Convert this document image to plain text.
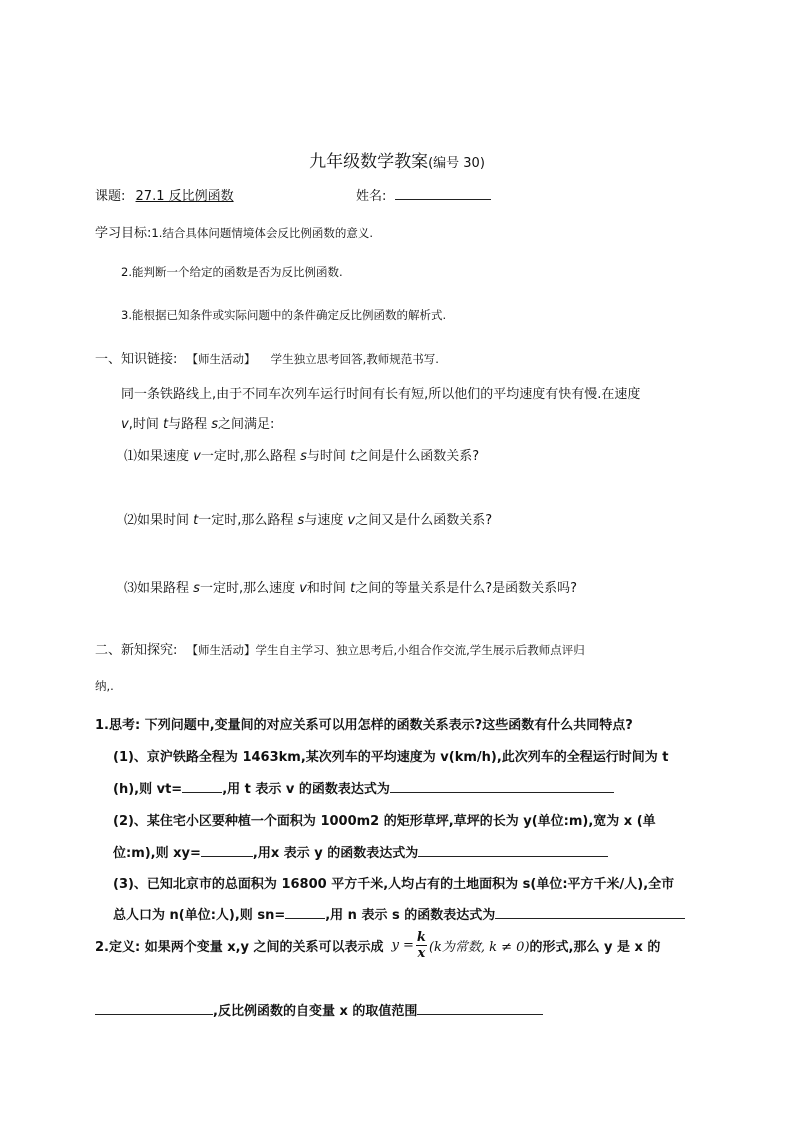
九年级数学教案(编号 30)
课题: 27.1 反比例函数	姓名:
学习目标:1.结合具体问题情境体会反比例函数的意义.
2.能判断一个给定的函数是否为反比例函数.
3.能根据已知条件或实际问题中的条件确定反比例函数的解析式.
一、知识链接: 【师生活动】 学生独立思考回答,教师规范书写.
同一条铁路线上,由于不同车次列车运行时间有长有短,所以他们的平均速度有快有慢.在速度
v,时间 t与路程 s之间满足:
⑴如果速度 v一定时,那么路程 s与时间 t之间是什么函数关系?
⑵如果时间 t一定时,那么路程 s与速度 v之间又是什么函数关系?
⑶如果路程 s一定时,那么速度 v和时间 t之间的等量关系是什么?是函数关系吗?
二、新知探究: 【师生活动】学生自主学习、独立思考后,小组合作交流,学生展示后教师点评归
纳,.
1.思考: 下列问题中,变量间的对应关系可以用怎样的函数关系表示?这些函数有什么共同特点?
(1)、京沪铁路全程为 1463km,某次列车的平均速度为 v(km/h),此次列车的全程运行时间为 t
(h),则 vt=	,用 t 表示 v 的函数表达式为
(2)、某住宅小区要种植一个面积为 1000m2 的矩形草坪,草坪的长为 y(单位:m),宽为 x (单
位:m),则 xy=	,用x 表示 y 的函数表达式为
(3)、已知北京市的总面积为 16800 平方千米,人均占有的土地面积为 s(单位:平方千米/人),全市
总人口为 n(单位:人),则 sn=	,用 n 表示 s 的函数表达式为
2.定义: 如果两个变量 x,y 之间的关系可以表示成 $y = \frac{k}{x} (k$为常数, k ≠ 0) 的形式,那么 y 是 x 的
,反比例函数的自变量 x 的取值范围
